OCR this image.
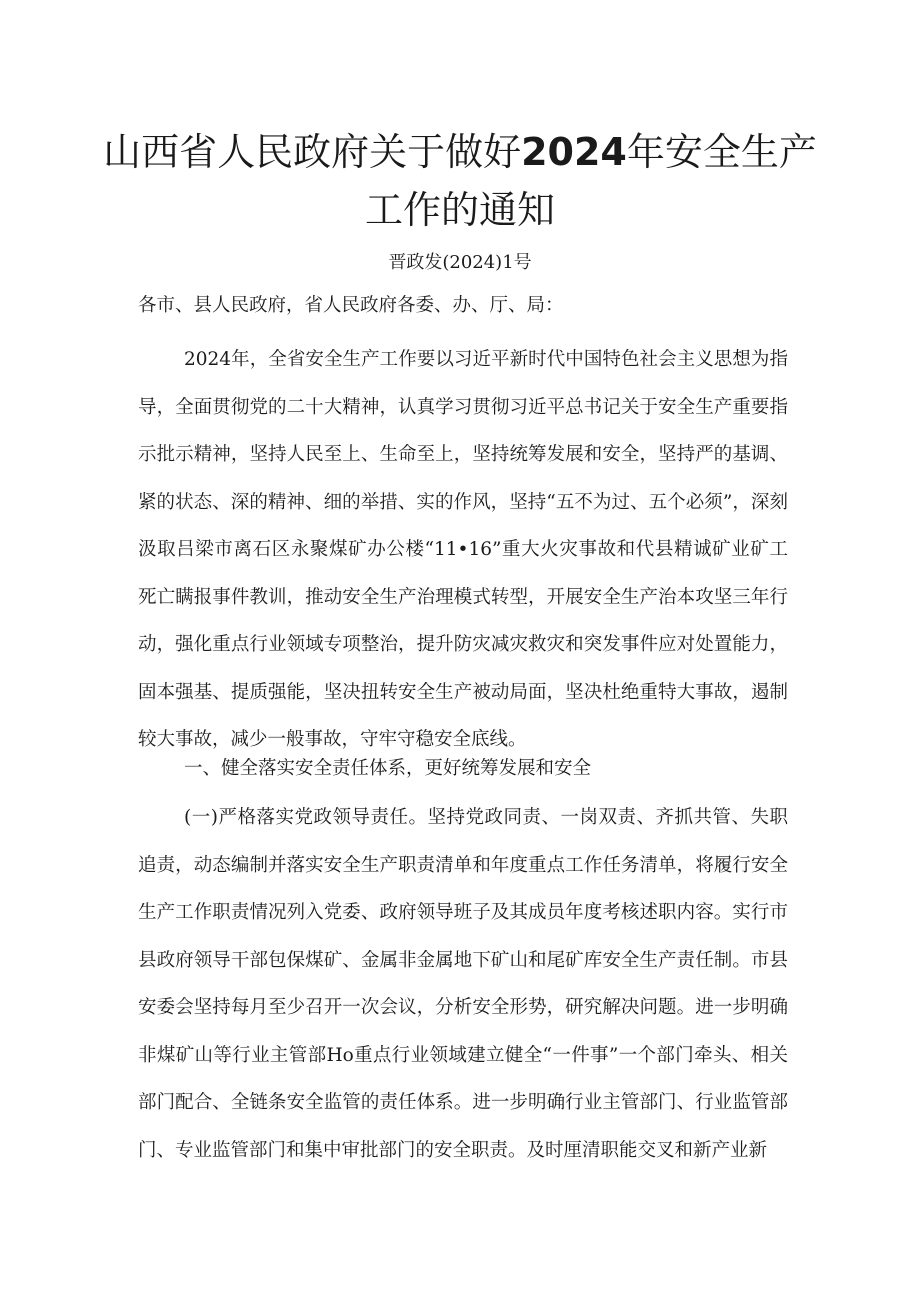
山西省人民政府关于做好2024年安全生产
工作的通知
晋政发(2024)1号
各市、县人民政府，省人民政府各委、办、厅、局：

2024年，全省安全生产工作要以习近平新时代中国特色社会主义思想为指导，全面贯彻党的二十大精神，认真学习贯彻习近平总书记关于安全生产重要指示批示精神，坚持人民至上、生命至上，坚持统筹发展和安全，坚持严的基调、紧的状态、深的精神、细的举措、实的作风，坚持“五不为过、五个必须”，深刻汲取吕梁市离石区永聚煤矿办公楼“11•16”重大火灾事故和代县精诚矿业矿工死亡瞒报事件教训，推动安全生产治理模式转型，开展安全生产治本攻坚三年行动，强化重点行业领域专项整治，提升防灾减灾救灾和突发事件应对处置能力，固本强基、提质强能，坚决扭转安全生产被动局面，坚决杜绝重特大事故，遏制较大事故，减少一般事故，守牢守稳安全底线。

一、健全落实安全责任体系，更好统筹发展和安全

(一)严格落实党政领导责任。坚持党政同责、一岗双责、齐抓共管、失职追责，动态编制并落实安全生产职责清单和年度重点工作任务清单，将履行安全生产工作职责情况列入党委、政府领导班子及其成员年度考核述职内容。实行市县政府领导干部包保煤矿、金属非金属地下矿山和尾矿库安全生产责任制。市县安委会坚持每月至少召开一次会议，分析安全形势，研究解决问题。进一步明确非煤矿山等行业主管部Ho重点行业领域建立健全“一件事”一个部门牵头、相关部门配合、全链条安全监管的责任体系。进一步明确行业主管部门、行业监管部门、专业监管部门和集中审批部门的安全职责。及时厘清职能交叉和新产业新
